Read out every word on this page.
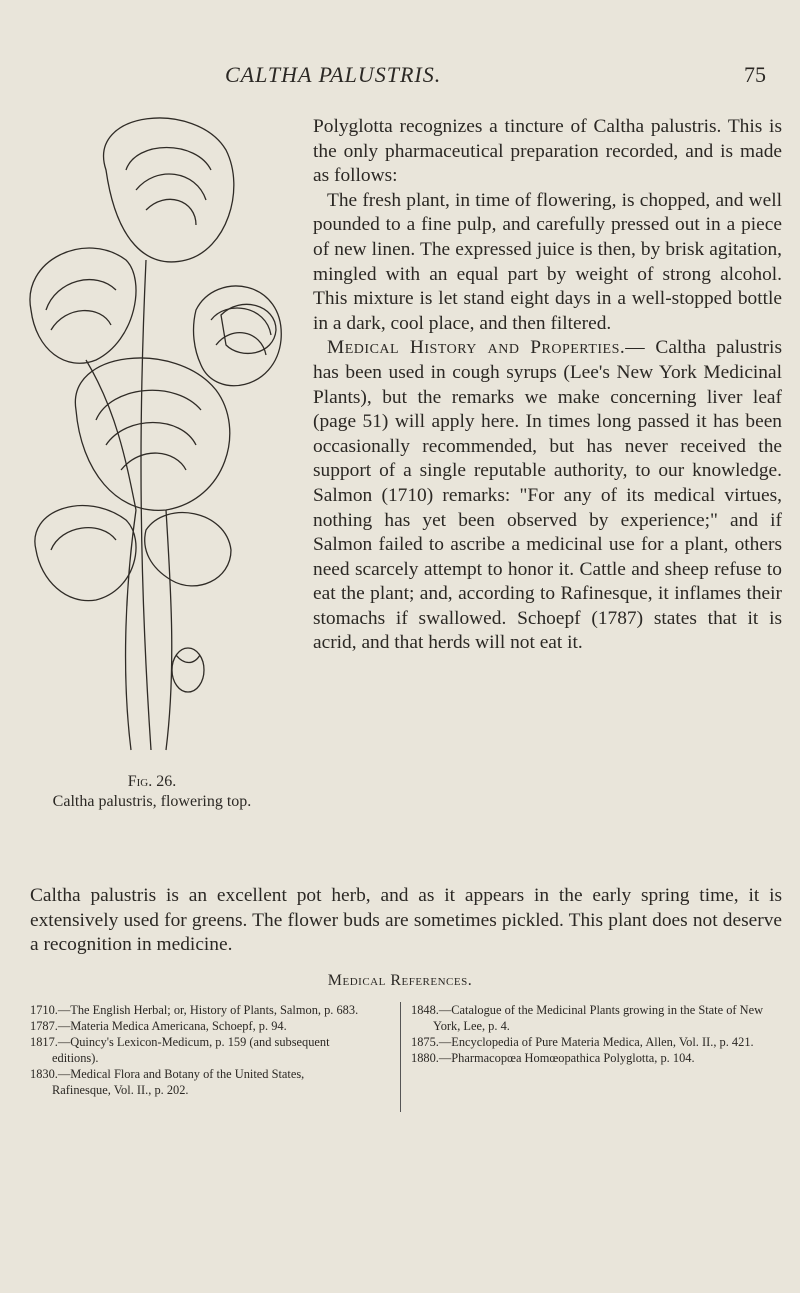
CALTHA PALUSTRIS.	75
Fig. 26.
Caltha palustris, flowering top.

Polyglotta recognizes a tincture of Caltha palustris. This is the only pharmaceutical preparation recorded, and is made as follows:

The fresh plant, in time of flowering, is chopped, and well pounded to a fine pulp, and carefully pressed out in a piece of new linen. The expressed juice is then, by brisk agitation, mingled with an equal part by weight of strong alcohol. This mixture is let stand eight days in a well-stopped bottle in a dark, cool place, and then filtered.

Medical History and Properties.— Caltha palustris has been used in cough syrups (Lee's New York Medicinal Plants), but the remarks we make concerning liver leaf (page 51) will apply here. In times long passed it has been occasionally recommended, but has never received the support of a single reputable authority, to our knowledge. Salmon (1710) remarks: "For any of its medical virtues, nothing has yet been observed by experience;" and if Salmon failed to ascribe a medicinal use for a plant, others need scarcely attempt to honor it. Cattle and sheep refuse to eat the plant; and, according to Rafinesque, it inflames their stomachs if swallowed. Schoepf (1787) states that it is acrid, and that herds will not eat it.

Caltha palustris is an excellent pot herb, and as it appears in the early spring time, it is extensively used for greens. The flower buds are sometimes pickled. This plant does not deserve a recognition in medicine.
Medical References.

1710.—The English Herbal; or, History of Plants, Salmon, p. 683.

1787.—Materia Medica Americana, Schoepf, p. 94.

1817.—Quincy's Lexicon-Medicum, p. 159 (and subsequent editions).

1830.—Medical Flora and Botany of the United States, Rafinesque, Vol. II., p. 202.

1848.—Catalogue of the Medicinal Plants growing in the State of New York, Lee, p. 4.

1875.—Encyclopedia of Pure Materia Medica, Allen, Vol. II., p. 421.

1880.—Pharmacopœa Homœopathica Polyglotta, p. 104.
